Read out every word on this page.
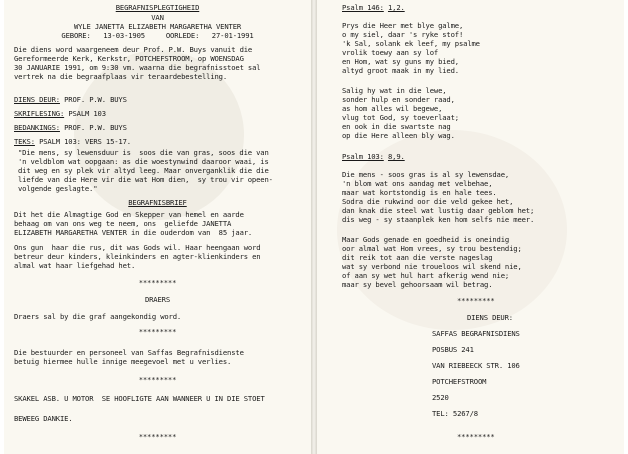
BEGRAFNISPLEGTIGHEID
VAN
WYLE JANETTA ELIZABETH MARGARETHA VENTER
GEBORE:   13-03-1905     OORLEDE:   27-01-1991
Die diens word waargeneem deur Prof. P.W. Buys vanuit die
Gereformeerde Kerk, Kerkstr, POTCHEFSTROOM, op WOENSDAG
30 JANUARIE 1991, om 9:30 vm. waarna die begrafnisstoet sal
vertrek na die begraafplaas vir teraardebestelling.
DIENS DEUR: PROF. P.W. BUYS
SKRIFLESING: PSALM 103
BEDANKINGS: PROF. P.W. BUYS
TEKS: PSALM 103: VERS 15-17.
"Die mens, sy lewensduur is  soos die van gras, soos die van
'n veldblom wat oopgaan: as die woestynwind daaroor waai, is
dit weg en sy plek vir altyd leeg. Maar onverganklik die die
liefde van die Here vir die wat Hom dien,  sy trou vir opeen-
volgende geslagte."
BEGRAFNISBRIEF
Dit het die Almagtige God en Skepper van hemel en aarde
behaag om van ons weg te neem, ons  geliefde JANETTA
ELIZABETH MARGARETHA VENTER in die ouderdom van  85 jaar.
Ons gun  haar die rus, dit was Gods wil. Haar heengaan word
betreur deur kinders, kleinkinders en agter-klienkinders en
almal wat haar liefgehad het.
*********
DRAERS
Draers sal by die graf aangekondig word.
*********
Die bestuurder en personeel van Saffas Begrafnisdienste
betuig hiermee hulle innige meegevoel met u verlies.
*********
SKAKEL ASB. U MOTOR  SE HOOFLIGTE AAN WANNEER U IN DIE STOET
BEWEEG DANKIE.
*********
Psalm 146: 1,2.
Prys die Heer met blye galme,
o my siel, daar 's ryke stof!
'k Sal, solank ek leef, my psalme
vrolik toewy aan sy lof
en Hom, wat sy guns my bied,
altyd groot maak in my lied.
Salig hy wat in die lewe,
sonder hulp en sonder raad,
as hom alles wil begewe,
vlug tot God, sy toeverlaat;
en ook in die swartste nag
op die Here alleen bly wag.
Psalm 103: 8,9.
Die mens - soos gras is al sy lewensdae,
'n blom wat ons aandag met velbehae,
maar wat kortstondig is en hale tees.
Sodra die rukwind oor die veld gekee het,
dan knak die steel wat lustig daar geblom het;
dis weg - sy staanplek ken hom selfs nie meer.
Maar Gods genade en goedheid is oneindig
oor almal wat Hom vrees, sy trou bestendig;
dit reik tot aan die verste nageslag
wat sy verbond nie troueloos wil skend nie,
of aan sy wet hul hart afkerig wend nie;
maar sy bevel gehoorsaam wil betrag.
*********
DIENS DEUR:
SAFFAS BEGRAFNISDIENS
POSBUS 241
VAN RIEBEECK STR. 106
POTCHEFSTROOM
2520
TEL: 5267/8
*********
